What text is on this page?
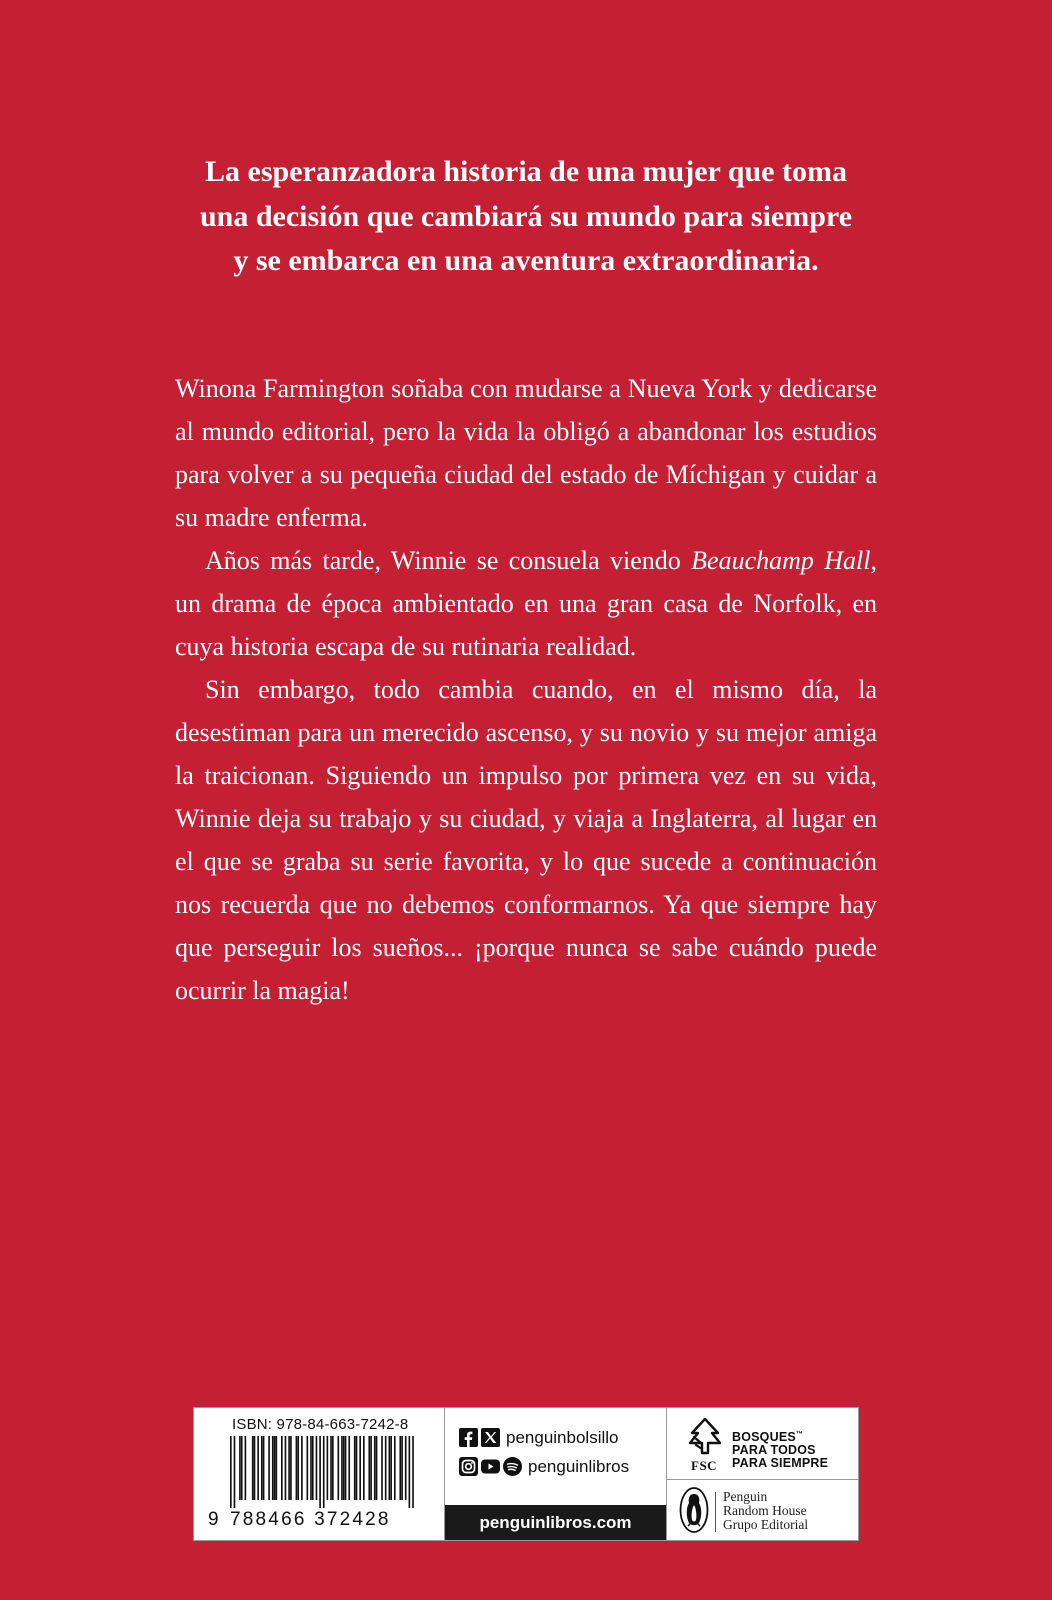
La esperanzadora historia de una mujer que toma una decisión que cambiará su mundo para siempre y se embarca en una aventura extraordinaria.

Winona Farmington soñaba con mudarse a Nueva York y dedicarse al mundo editorial, pero la vida la obligó a abandonar los estudios para volver a su pequeña ciudad del estado de Míchigan y cuidar a su madre enferma.

Años más tarde, Winnie se consuela viendo Beauchamp Hall, un drama de época ambientado en una gran casa de Norfolk, en cuya historia escapa de su rutinaria realidad.

Sin embargo, todo cambia cuando, en el mismo día, la desestiman para un merecido ascenso, y su novio y su mejor amiga la traicionan. Siguiendo un impulso por primera vez en su vida, Winnie deja su trabajo y su ciudad, y viaja a Inglaterra, al lugar en el que se graba su serie favorita, y lo que sucede a continuación nos recuerda que no debemos conformarnos. Ya que siempre hay que perseguir los sueños... ¡porque nunca se sabe cuándo puede ocurrir la magia!

ISBN: 978-84-663-7242-8
9 788466 372428
penguinbolsillo
penguinlibros
penguinlibros.com
FSC
BOSQUES™
PARA TODOS
PARA SIEMPRE
Penguin
Random House
Grupo Editorial
